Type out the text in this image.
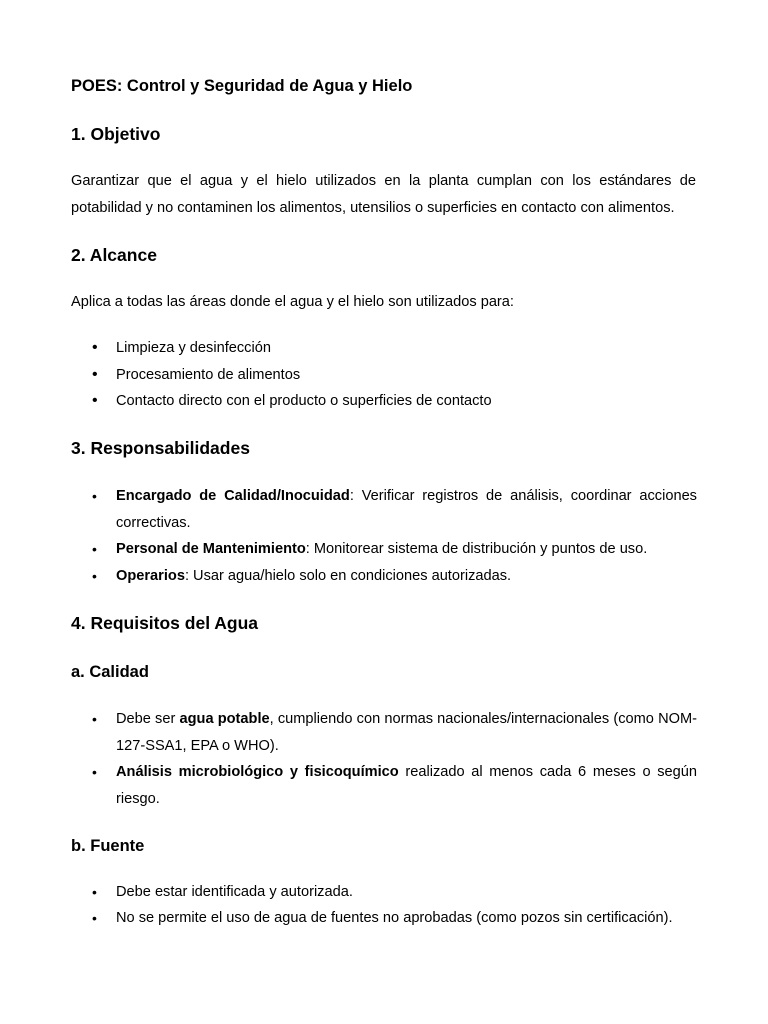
POES: Control y Seguridad de Agua y Hielo
1. Objetivo
Garantizar que el agua y el hielo utilizados en la planta cumplan con los estándares de potabilidad y no contaminen los alimentos, utensilios o superficies en contacto con alimentos.
2. Alcance
Aplica a todas las áreas donde el agua y el hielo son utilizados para:
•	Limpieza y desinfección
•	Procesamiento de alimentos
•	Contacto directo con el producto o superficies de contacto
3. Responsabilidades
•	Encargado de Calidad/Inocuidad: Verificar registros de análisis, coordinar acciones correctivas.
•	Personal de Mantenimiento: Monitorear sistema de distribución y puntos de uso.
•	Operarios: Usar agua/hielo solo en condiciones autorizadas.
4. Requisitos del Agua
a. Calidad
•	Debe ser agua potable, cumpliendo con normas nacionales/internacionales (como NOM-127-SSA1, EPA o WHO).
•	Análisis microbiológico y fisicoquímico realizado al menos cada 6 meses o según riesgo.
b. Fuente
•	Debe estar identificada y autorizada.
•	No se permite el uso de agua de fuentes no aprobadas (como pozos sin certificación).
